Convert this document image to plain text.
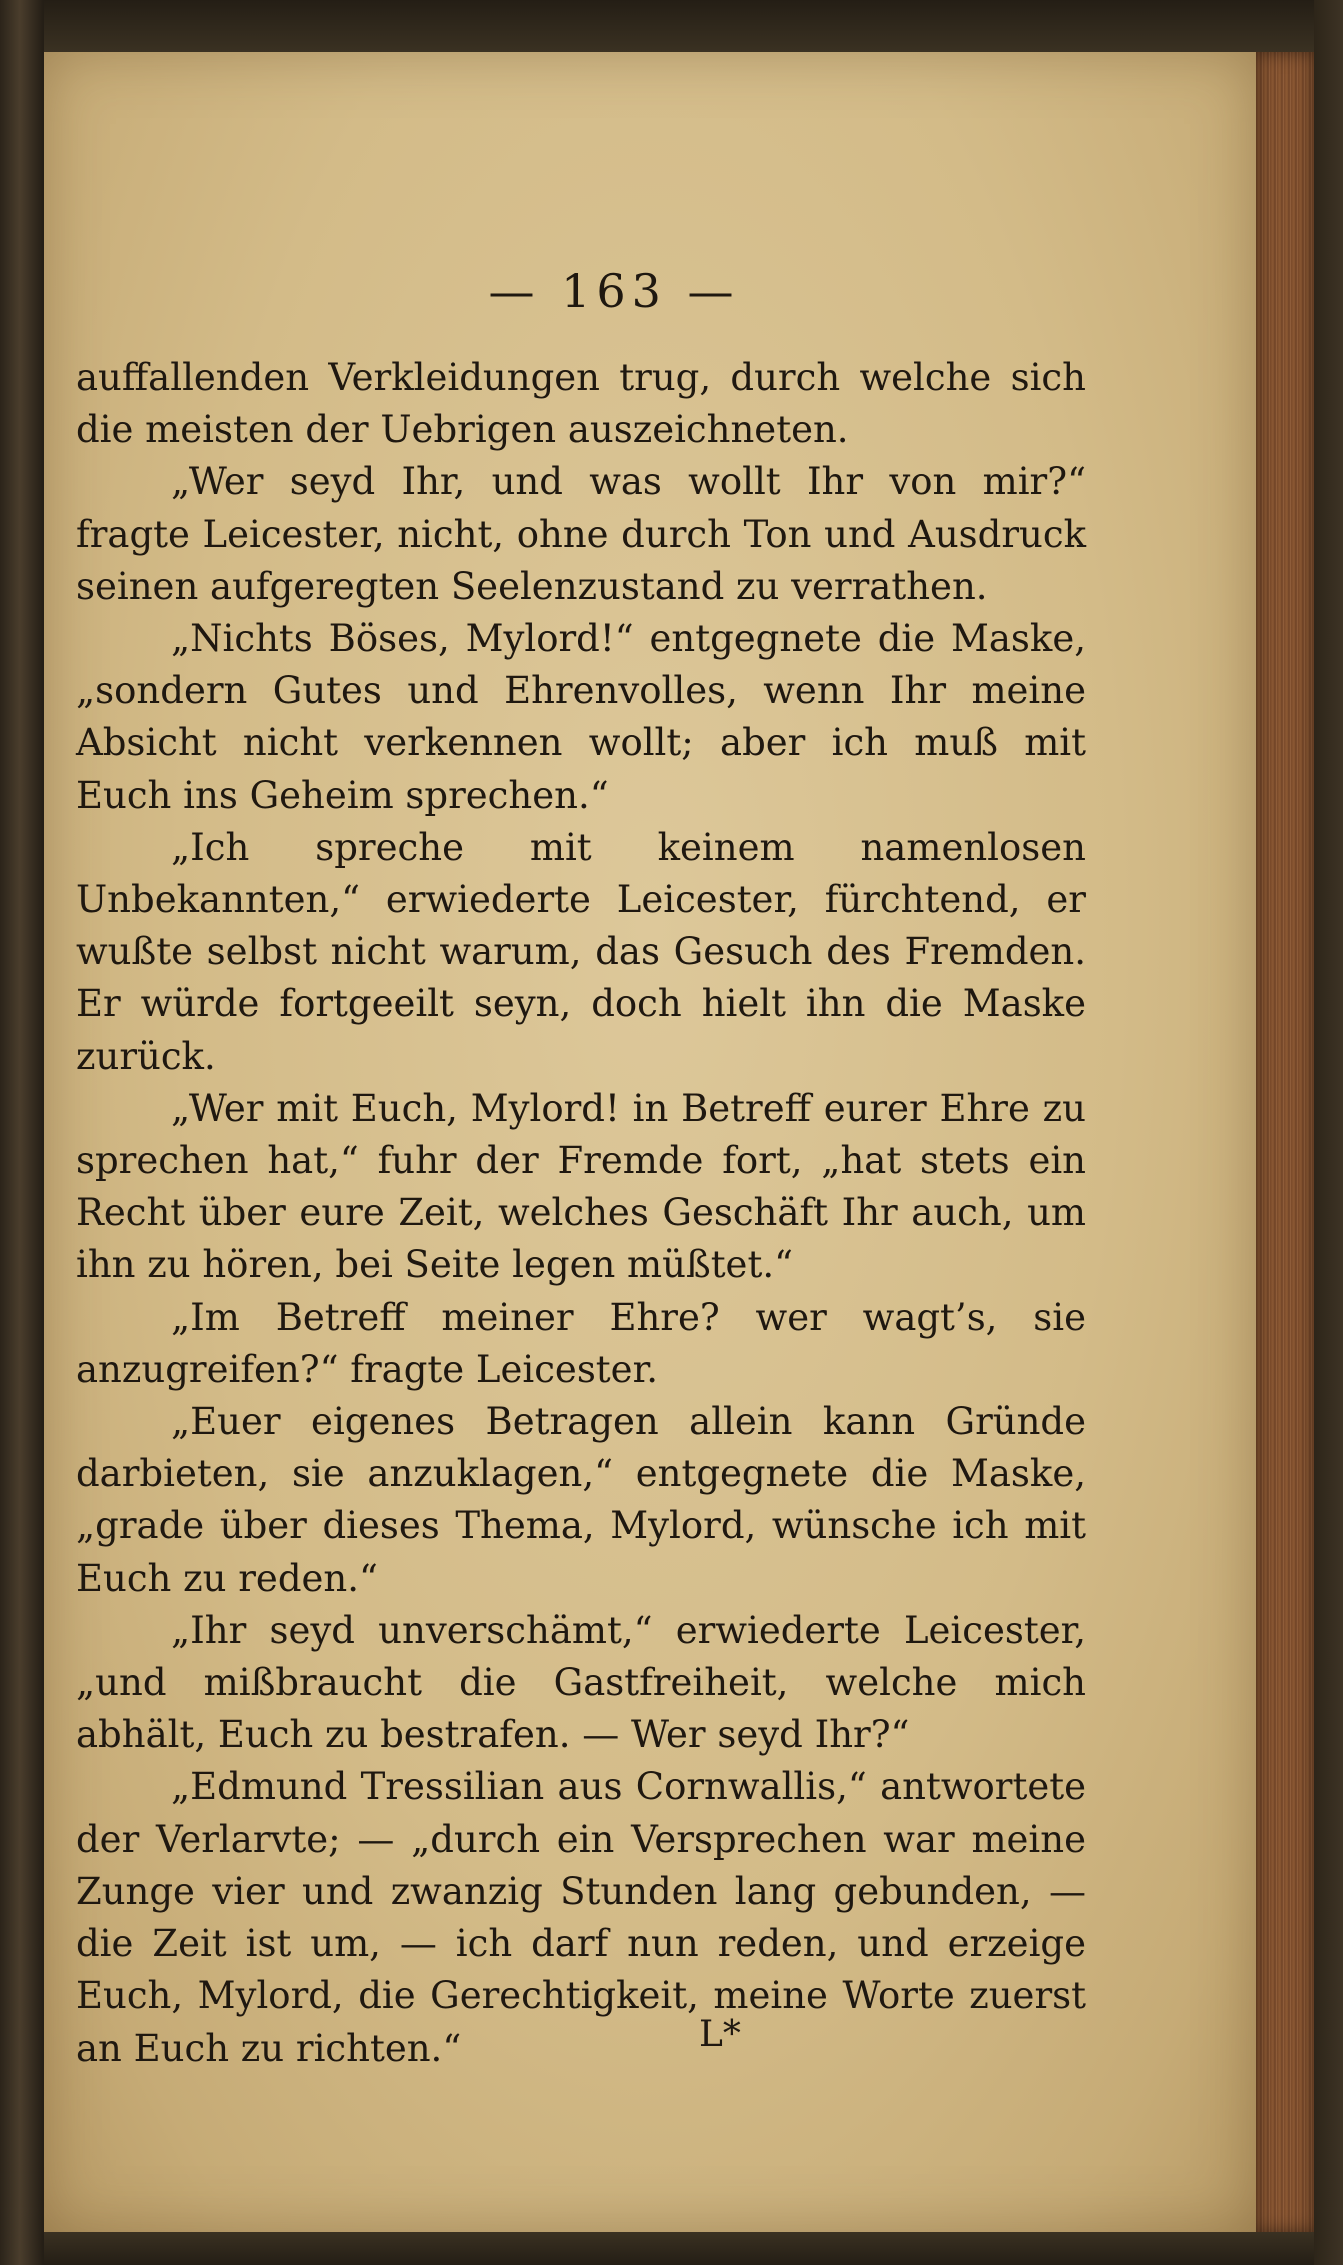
— 163 —

auffallenden Verkleidungen trug, durch welche sich die meisten der Uebrigen auszeichneten.

„Wer seyd Ihr, und was wollt Ihr von mir?“ fragte Leicester, nicht, ohne durch Ton und Ausdruck seinen aufgeregten Seelenzustand zu verrathen.

„Nichts Böses, Mylord!“ entgegnete die Maske, „sondern Gutes und Ehrenvolles, wenn Ihr meine Absicht nicht verkennen wollt; aber ich muß mit Euch ins Geheim sprechen.“

„Ich spreche mit keinem namenlosen Unbekannten,“ erwiederte Leicester, fürchtend, er wußte selbst nicht warum, das Gesuch des Fremden. Er würde fortgeeilt seyn, doch hielt ihn die Maske zurück.

„Wer mit Euch, Mylord! in Betreff eurer Ehre zu sprechen hat,“ fuhr der Fremde fort, „hat stets ein Recht über eure Zeit, welches Geschäft Ihr auch, um ihn zu hören, bei Seite legen müßtet.“

„Im Betreff meiner Ehre? wer wagt’s, sie anzugreifen?“ fragte Leicester.

„Euer eigenes Betragen allein kann Gründe darbieten, sie anzuklagen,“ entgegnete die Maske, „grade über dieses Thema, Mylord, wünsche ich mit Euch zu reden.“

„Ihr seyd unverschämt,“ erwiederte Leicester, „und mißbraucht die Gastfreiheit, welche mich abhält, Euch zu bestrafen. — Wer seyd Ihr?“

„Edmund Tressilian aus Cornwallis,“ antwortete der Verlarvte; — „durch ein Versprechen war meine Zunge vier und zwanzig Stunden lang gebunden, — die Zeit ist um, — ich darf nun reden, und erzeige Euch, Mylord, die Gerechtigkeit, meine Worte zuerst an Euch zu richten.“	L*
